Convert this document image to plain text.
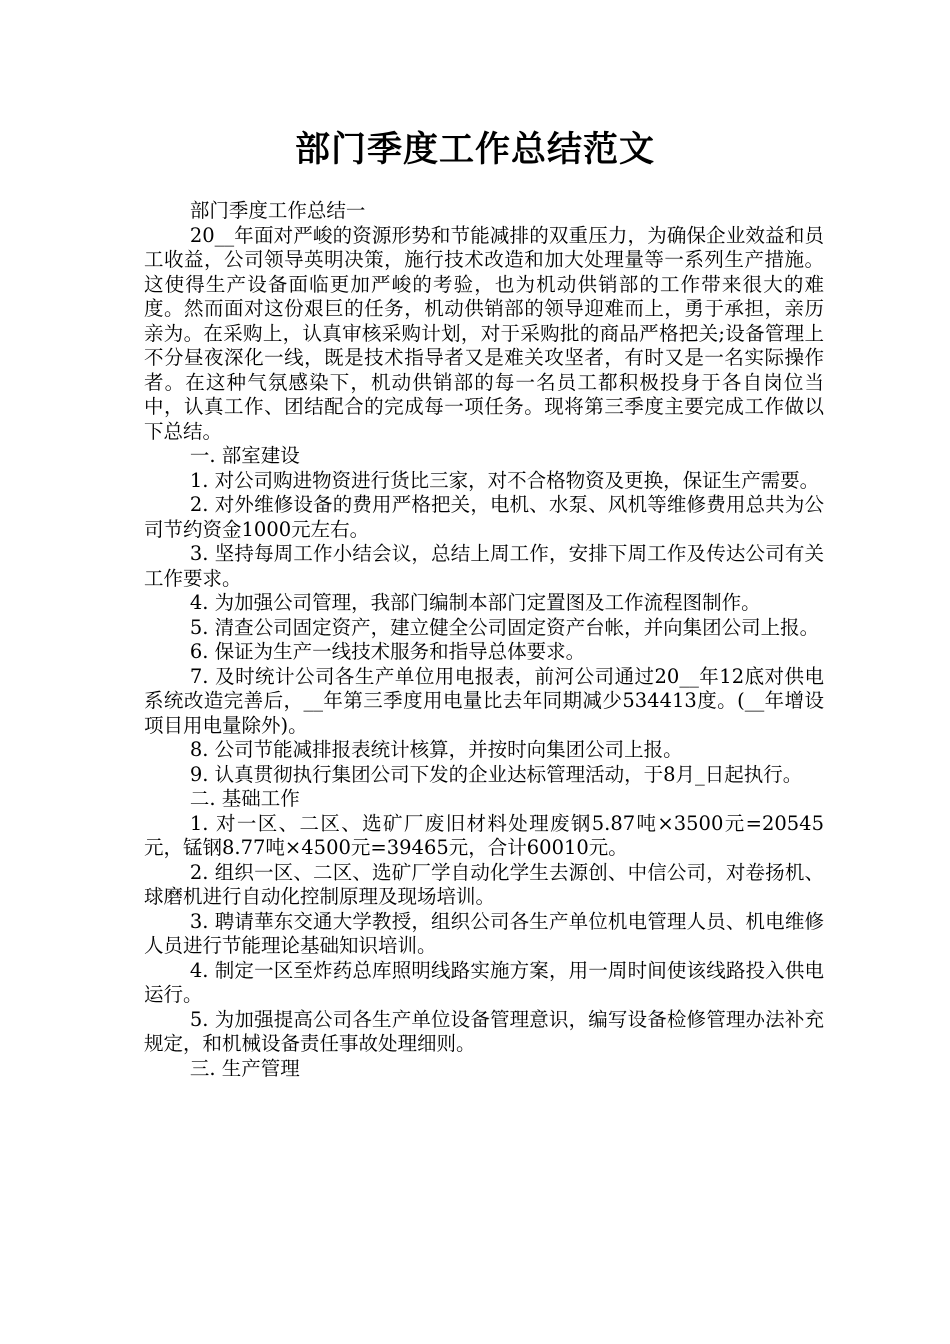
部门季度工作总结范文

部门季度工作总结一

20__年面对严峻的资源形势和节能减排的双重压力，为确保企业效益和员工收益，公司领导英明决策，施行技术改造和加大处理量等一系列生产措施。这使得生产设备面临更加严峻的考验，也为机动供销部的工作带来很大的难度。然而面对这份艰巨的任务，机动供销部的领导迎难而上，勇于承担，亲历亲为。在采购上，认真审核采购计划，对于采购批的商品严格把关;设备管理上不分昼夜深化一线，既是技术指导者又是难关攻坚者，有时又是一名实际操作者。在这种气氛感染下，机动供销部的每一名员工都积极投身于各自岗位当中，认真工作、团结配合的完成每一项任务。现将第三季度主要完成工作做以下总结。

一. 部室建设

1. 对公司购进物资进行货比三家，对不合格物资及更换，保证生产需要。

2. 对外维修设备的费用严格把关，电机、水泵、风机等维修费用总共为公司节约资金1000元左右。

3. 坚持每周工作小结会议，总结上周工作，安排下周工作及传达公司有关工作要求。

4. 为加强公司管理，我部门编制本部门定置图及工作流程图制作。

5. 清查公司固定资产，建立健全公司固定资产台帐，并向集团公司上报。

6. 保证为生产一线技术服务和指导总体要求。

7. 及时统计公司各生产单位用电报表，前河公司通过20__年12底对供电系统改造完善后，__年第三季度用电量比去年同期减少534413度。(__年增设项目用电量除外)。

8. 公司节能减排报表统计核算，并按时向集团公司上报。

9. 认真贯彻执行集团公司下发的企业达标管理活动，于8月_日起执行。

二. 基础工作

1. 对一区、二区、选矿厂废旧材料处理废钢5.87吨×3500元=20545元，锰钢8.77吨×4500元=39465元，合计60010元。

2. 组织一区、二区、选矿厂学自动化学生去源创、中信公司，对卷扬机、球磨机进行自动化控制原理及现场培训。

3. 聘请華东交通大学教授，组织公司各生产单位机电管理人员、机电维修人员进行节能理论基础知识培训。

4. 制定一区至炸药总库照明线路实施方案，用一周时间使该线路投入供电运行。

5. 为加强提高公司各生产单位设备管理意识，编写设备检修管理办法补充规定，和机械设备责任事故处理细则。

三. 生产管理
